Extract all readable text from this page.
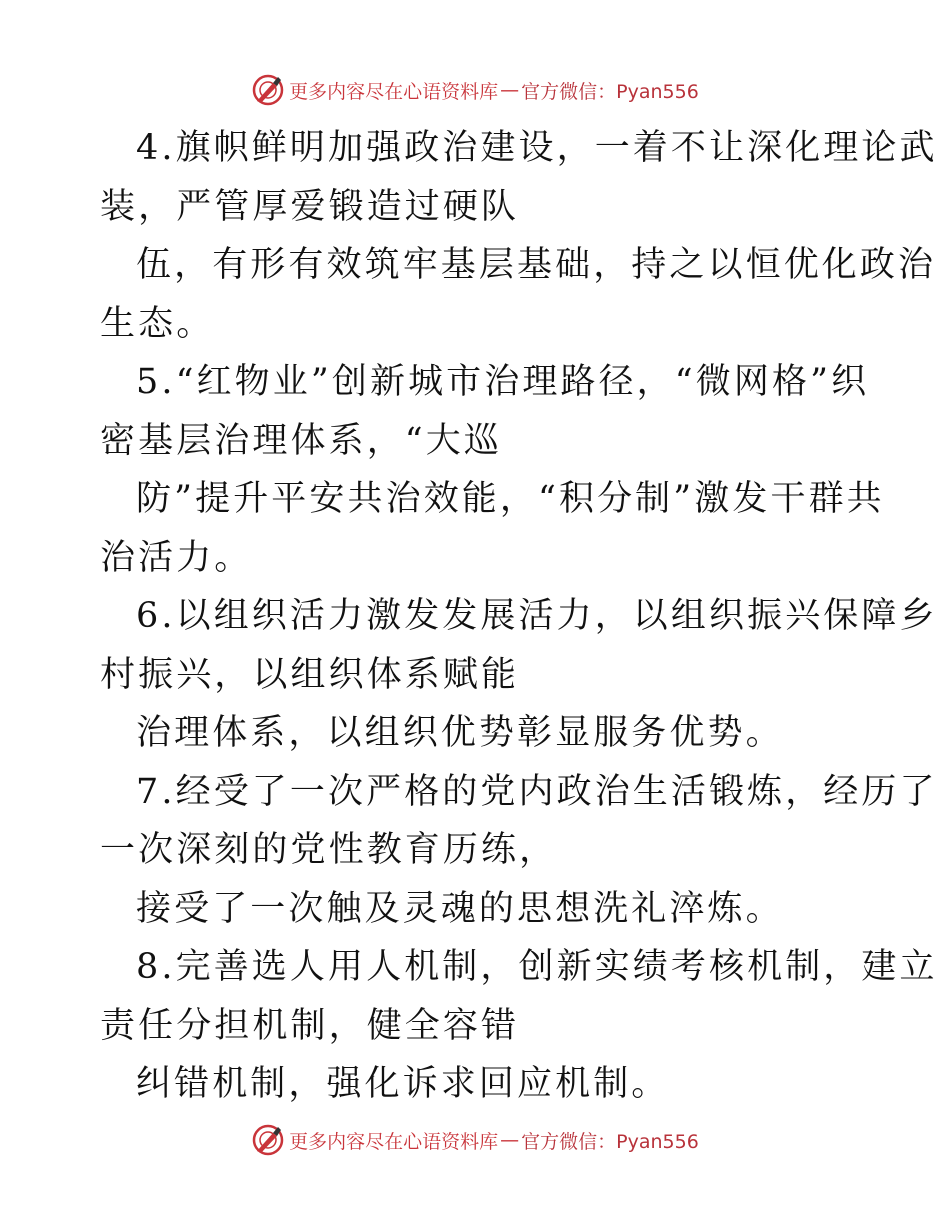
更多内容尽在心语资料库 — 官方微信：Pyan556
4.旗帜鲜明加强政治建设，一着不让深化理论武
装，严管厚爱锻造过硬队
伍，有形有效筑牢基层基础，持之以恒优化政治
生态。
5.“红物业”创新城市治理路径，“微网格”织
密基层治理体系，“大巡
防”提升平安共治效能，“积分制”激发干群共
治活力。
6.以组织活力激发发展活力，以组织振兴保障乡
村振兴，以组织体系赋能
治理体系，以组织优势彰显服务优势。
7.经受了一次严格的党内政治生活锻炼，经历了
一次深刻的党性教育历练，
接受了一次触及灵魂的思想洗礼淬炼。
8.完善选人用人机制，创新实绩考核机制，建立
责任分担机制，健全容错
纠错机制，强化诉求回应机制。
更多内容尽在心语资料库 — 官方微信：Pyan556
